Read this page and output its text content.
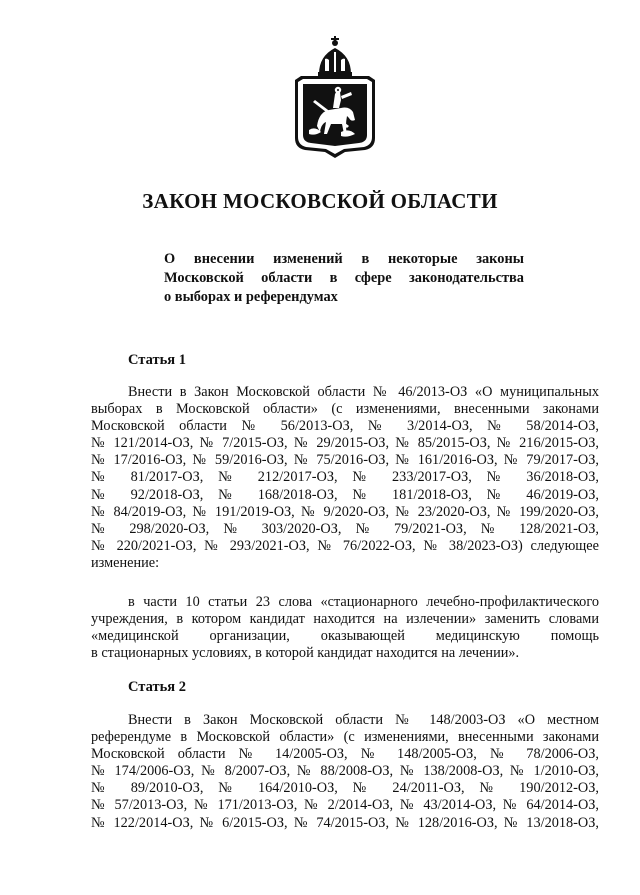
ЗАКОН МОСКОВСКОЙ ОБЛАСТИ
О внесении изменений в некоторые законы
Московской области в сфере законодательства
о выборах и референдумах
Статья 1
Внести в Закон Московской области № 46/2013-ОЗ «О муниципальных
выборах в Московской области» (с изменениями, внесенными законами
Московской области № 56/2013-ОЗ, № 3/2014-ОЗ, № 58/2014-ОЗ,
№ 121/2014-ОЗ, № 7/2015-ОЗ, № 29/2015-ОЗ, № 85/2015-ОЗ, № 216/2015-ОЗ,
№ 17/2016-ОЗ, № 59/2016-ОЗ, № 75/2016-ОЗ, № 161/2016-ОЗ, № 79/2017-ОЗ,
№ 81/2017-ОЗ, № 212/2017-ОЗ, № 233/2017-ОЗ, № 36/2018-ОЗ,
№ 92/2018-ОЗ, № 168/2018-ОЗ, № 181/2018-ОЗ, № 46/2019-ОЗ,
№ 84/2019-ОЗ, № 191/2019-ОЗ, № 9/2020-ОЗ, № 23/2020-ОЗ, № 199/2020-ОЗ,
№ 298/2020-ОЗ, № 303/2020-ОЗ, № 79/2021-ОЗ, № 128/2021-ОЗ,
№ 220/2021-ОЗ, № 293/2021-ОЗ, № 76/2022-ОЗ, № 38/2023-ОЗ) следующее
изменение:
в части 10 статьи 23 слова «стационарного лечебно-профилактического
учреждения, в котором кандидат находится на излечении» заменить словами
«медицинской организации, оказывающей медицинскую помощь
в стационарных условиях, в которой кандидат находится на лечении».
Статья 2
Внести в Закон Московской области № 148/2003-ОЗ «О местном
референдуме в Московской области» (с изменениями, внесенными законами
Московской области № 14/2005-ОЗ, № 148/2005-ОЗ, № 78/2006-ОЗ,
№ 174/2006-ОЗ, № 8/2007-ОЗ, № 88/2008-ОЗ, № 138/2008-ОЗ, № 1/2010-ОЗ,
№ 89/2010-ОЗ, № 164/2010-ОЗ, № 24/2011-ОЗ, № 190/2012-ОЗ,
№ 57/2013-ОЗ, № 171/2013-ОЗ, № 2/2014-ОЗ, № 43/2014-ОЗ, № 64/2014-ОЗ,
№ 122/2014-ОЗ, № 6/2015-ОЗ, № 74/2015-ОЗ, № 128/2016-ОЗ, № 13/2018-ОЗ,
